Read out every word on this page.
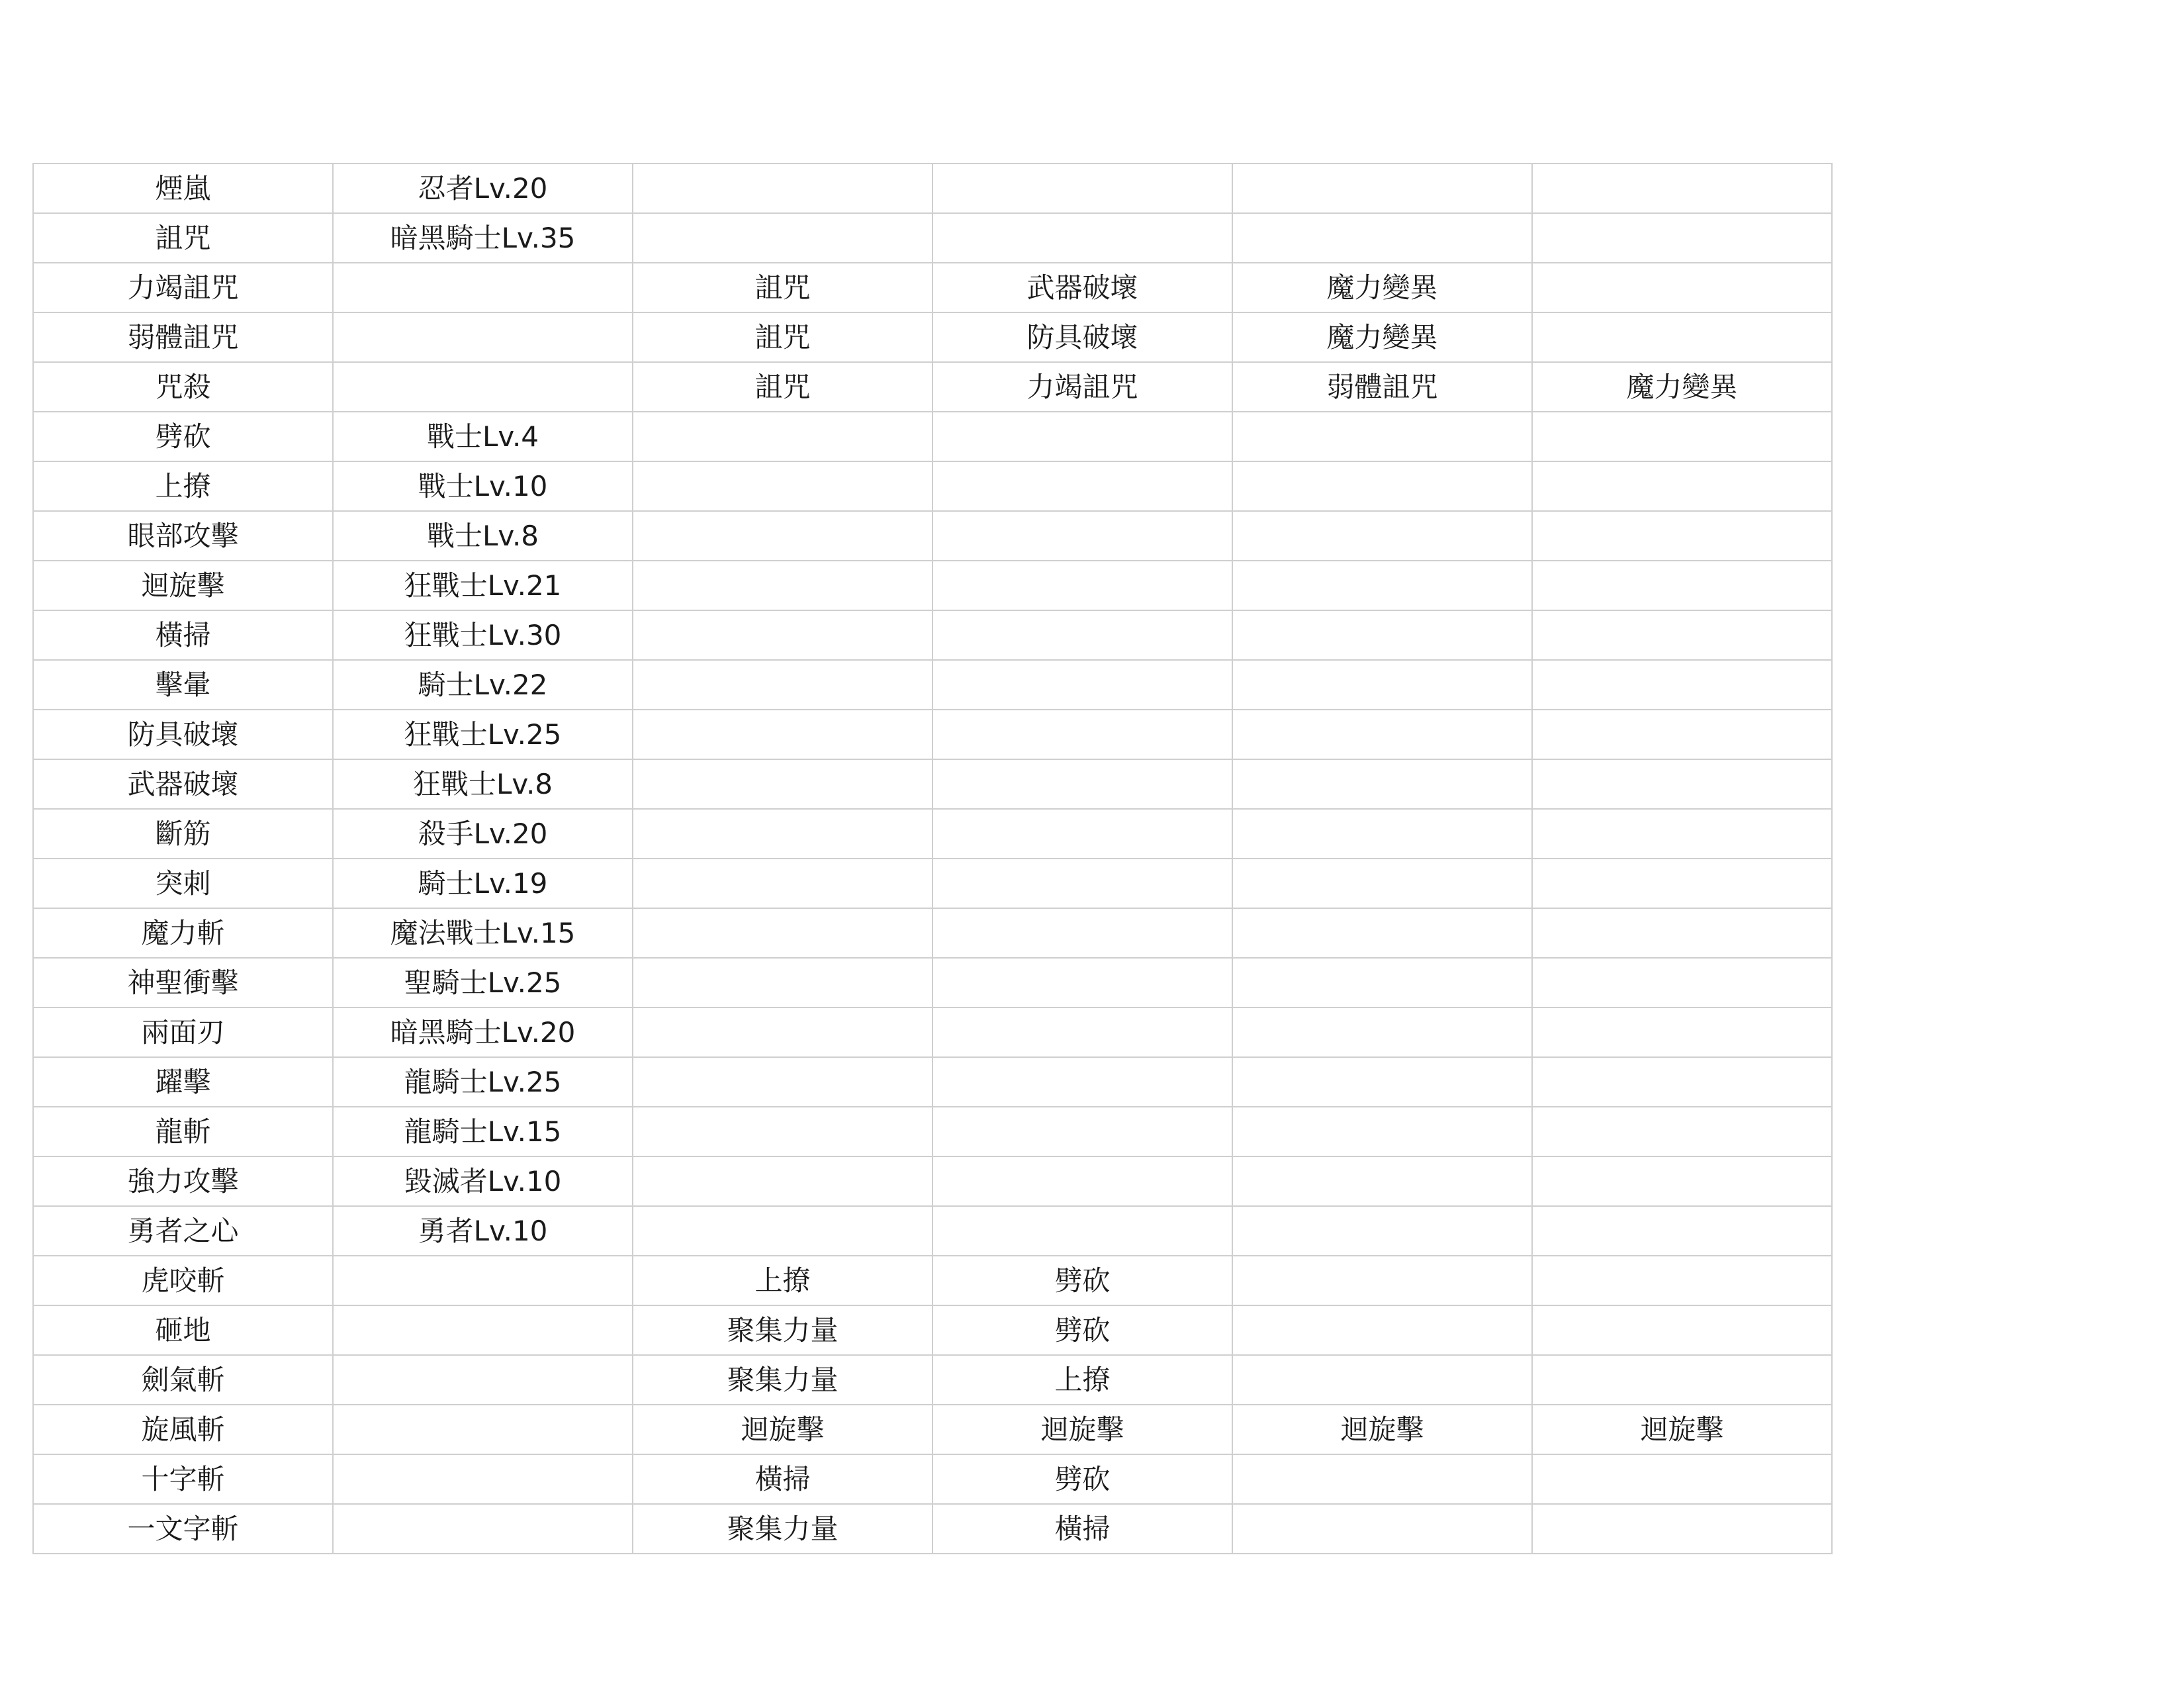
煙嵐	忍者Lv.20				
詛咒	暗黑騎士Lv.35				
力竭詛咒		詛咒	武器破壞	魔力變異	
弱體詛咒		詛咒	防具破壞	魔力變異	
咒殺		詛咒	力竭詛咒	弱體詛咒	魔力變異
劈砍	戰士Lv.4				
上撩	戰士Lv.10				
眼部攻擊	戰士Lv.8				
迴旋擊	狂戰士Lv.21				
橫掃	狂戰士Lv.30				
擊暈	騎士Lv.22				
防具破壞	狂戰士Lv.25				
武器破壞	狂戰士Lv.8				
斷筋	殺手Lv.20				
突刺	騎士Lv.19				
魔力斬	魔法戰士Lv.15				
神聖衝擊	聖騎士Lv.25				
兩面刃	暗黑騎士Lv.20				
躍擊	龍騎士Lv.25				
龍斬	龍騎士Lv.15				
強力攻擊	毀滅者Lv.10				
勇者之心	勇者Lv.10				
虎咬斬		上撩	劈砍		
砸地		聚集力量	劈砍		
劍氣斬		聚集力量	上撩		
旋風斬		迴旋擊	迴旋擊	迴旋擊	迴旋擊
十字斬		橫掃	劈砍		
一文字斬		聚集力量	橫掃		
